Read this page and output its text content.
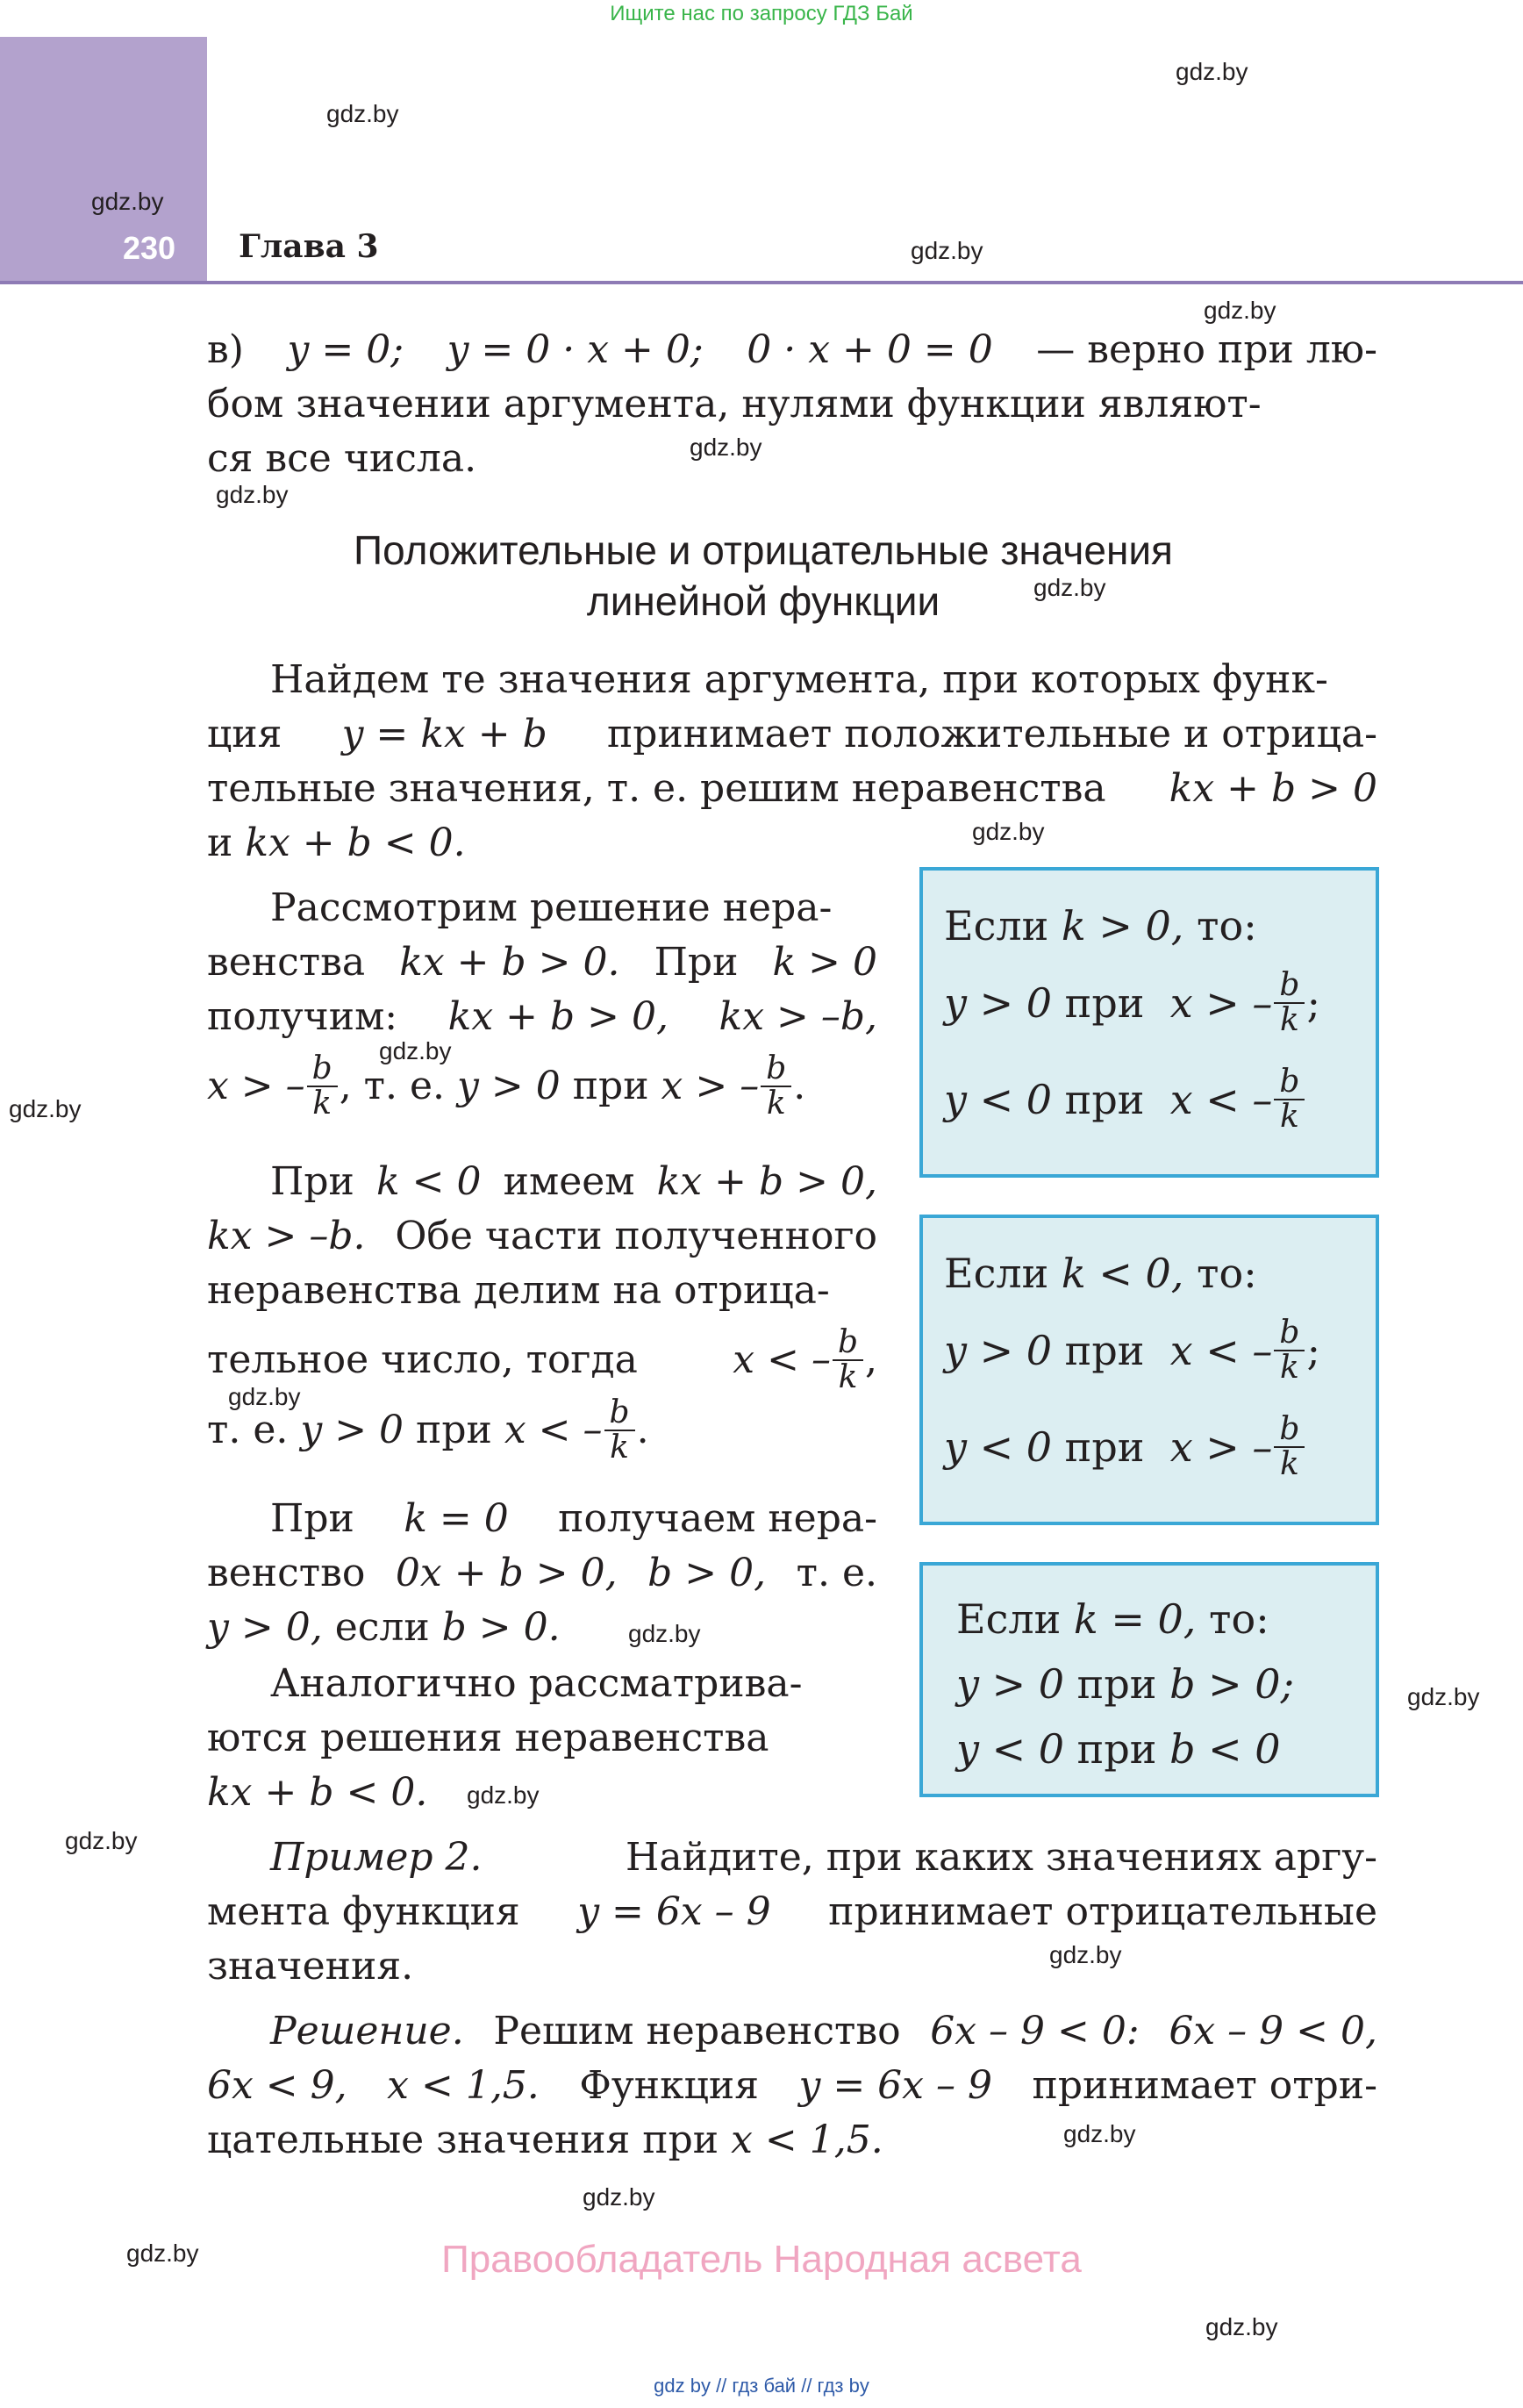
Ищите нас по запросу ГДЗ Бай
230 Глава 3
gdz.by
gdz.by
gdz.by
gdz.by
gdz.by
gdz.by
gdz.by
gdz.by
gdz.by
gdz.by
gdz.by
gdz.by
gdz.by
gdz.by
gdz.by
gdz.by
gdz.by
gdz.by
gdz.by
gdz.by
gdz.by
в) y = 0; y = 0 · x + 0; 0 · x + 0 = 0 — верно при лю-
бом значении аргумента, нулями функции являют-
ся все числа.
Положительные и отрицательные значения
линейной функции
Найдем те значения аргумента, при которых функ-
ция y = kx + b принимает положительные и отрица-
тельные значения, т. е. решим неравенства kx + b > 0
и kx + b < 0.
Рассмотрим решение нера-
венства kx + b > 0. При k > 0
получим: kx + b > 0, kx > –b,
x > – $\frac{b}{k}$ , т. е.
y > 0
при
x > – $\frac{b}{k}$ .
При k < 0 имеем kx + b > 0,
kx > –b. Обе части полученного
неравенства делим на отрица-
тельное число, тогда x < – $\frac{b}{k}$ ,
т. е.
y > 0
при
x < – $\frac{b}{k}$ .
При k = 0 получаем нера-
венство 0x + b > 0, b > 0, т. е.
y > 0, если b > 0.
Аналогично рассматрива-
ются решения неравенства
kx + b < 0.
Если
k > 0,
то:
y > 0
при
x > – $\frac{b}{k}$ ;
y < 0
при
x < – $\frac{b}{k}$
Если
k < 0,
то:
y > 0
при
x < – $\frac{b}{k}$ ;
y < 0
при
x > – $\frac{b}{k}$
Если
k = 0,
то:
y > 0
при
b > 0;
y < 0
при
b < 0
Пример 2.	Найдите, при каких значениях аргу-
мента функция y = 6x – 9 принимает отрицательные
значения.
Решение. Решим неравенство 6x – 9 < 0: 6x – 9 < 0,
6x < 9, x < 1,5. Функция y = 6x – 9 принимает отри-
цательные значения при x < 1,5.
Правообладатель Народная асвета
gdz by // гдз бай // гдз by
